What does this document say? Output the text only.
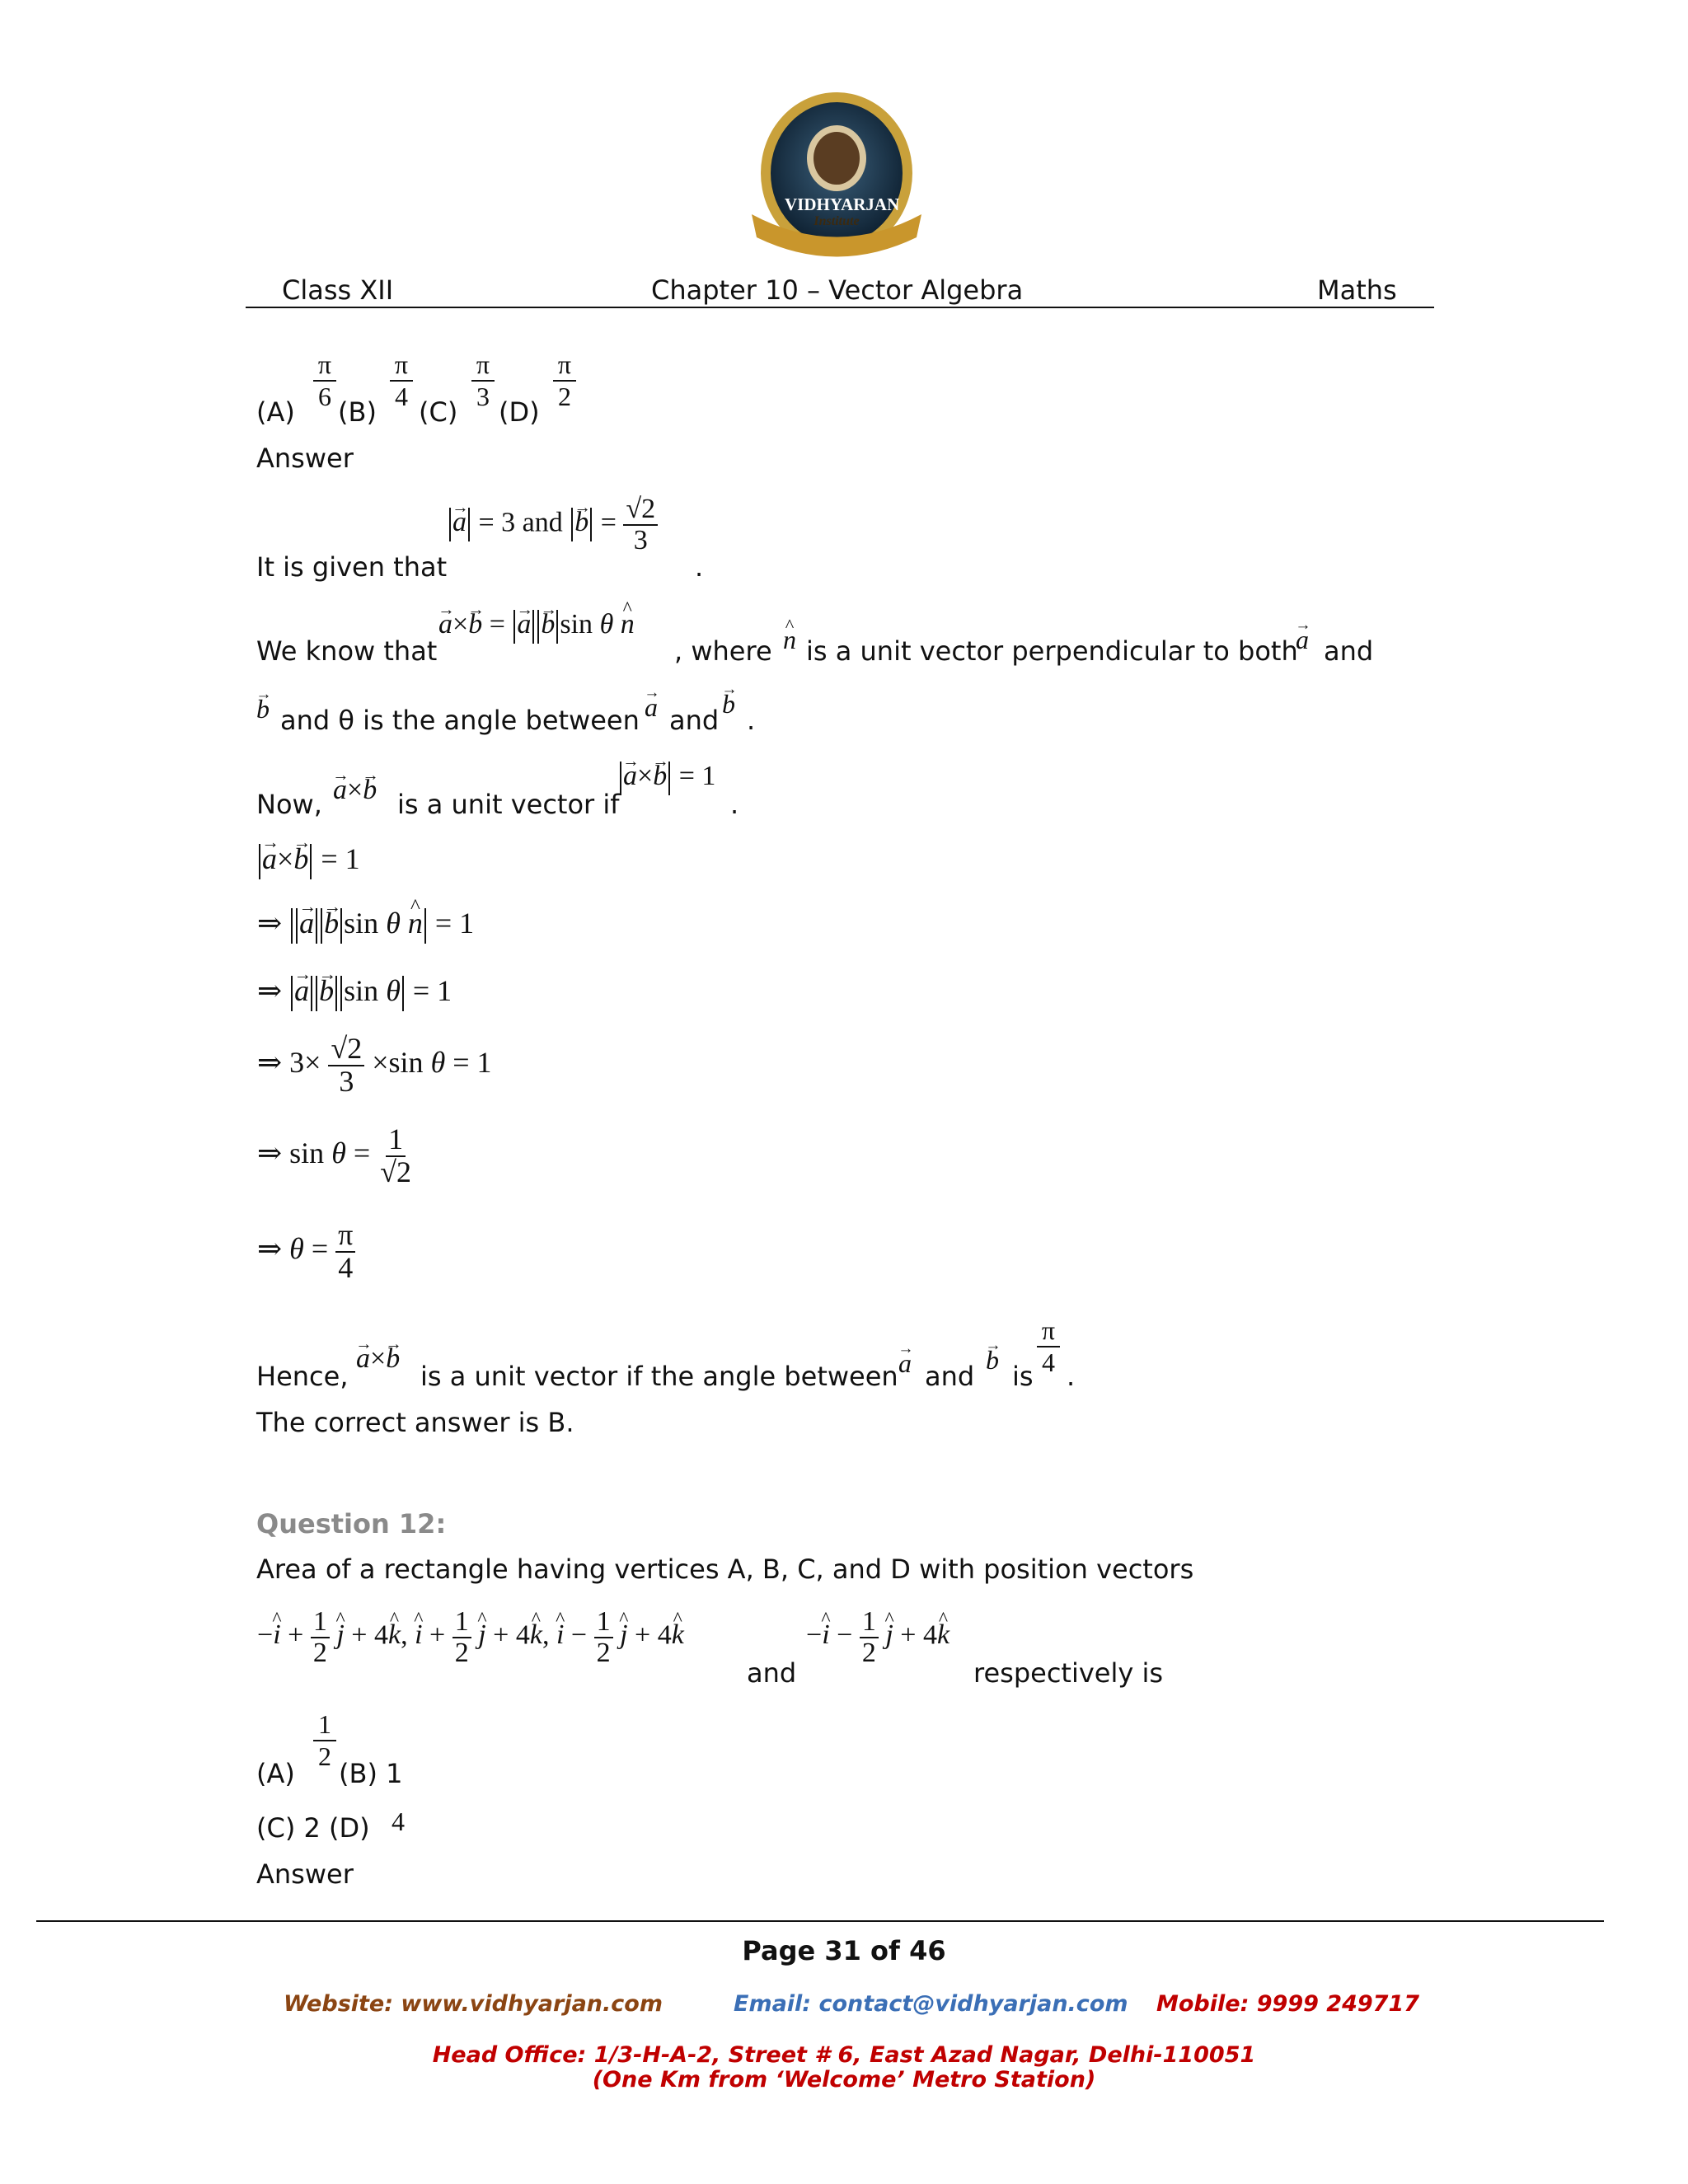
VIDHYARJAN
Institute
Class XII	Chapter 10 – Vector Algebra	Maths
$(A) \frac{\pi}{6} (B) \frac{\pi}{4} (C) \frac{\pi}{3} (D) \frac{\pi}{2}$
Answer
It is given that
→ a = 3 and → $b = \frac{√2}{3}$
.
We know that
→ a×→ b = → a → b sin θ ^ n
, where ^ n is a unit vector perpendicular to both
→ a and
→ b and θ is the angle between → a and
→ b
.
Now, → a×→ b is a unit vector if
→ a×→ b = 1
.
→ a×→ b = 1
⇒ → a → b sin θ ^ n = 1
⇒ → a → b sin θ = 1
⇒ $3\times \frac{√2}{3} \times\sin$ θ = 1
⇒ $\sin \theta = \frac{1}{√2}$
⇒ $\theta = \frac{\pi}{4}$
Hence,
→ a×→ b
is a unit vector if the angle between → a and
→ b
is $\frac{\pi}{4}$ .
The correct answer is B.
Question 12:
Area of a rectangle having vertices A, B, C, and D with position vectors
−^ $i + \frac{1}{2}$ ^ j + 4^ k, ^ $i + \frac{1}{2}$ ^ j + 4^ k, ^ $i - \frac{1}{2}$ ^ j + 4^ k
and
−^ $i - \frac{1}{2}$ ^ j + 4^ k
respectively is
(A)
$\frac{1}{2}$
(B) 1
(C) 2 (D) 4
Answer
Page 31 of 46
Website: www.vidhyarjan.com	Email: contact@vidhyarjan.com Mobile: 9999 249717
Head Office: 1/3-H-A-2, Street # 6, East Azad Nagar, Delhi-110051
(One Km from ‘Welcome’ Metro Station)
